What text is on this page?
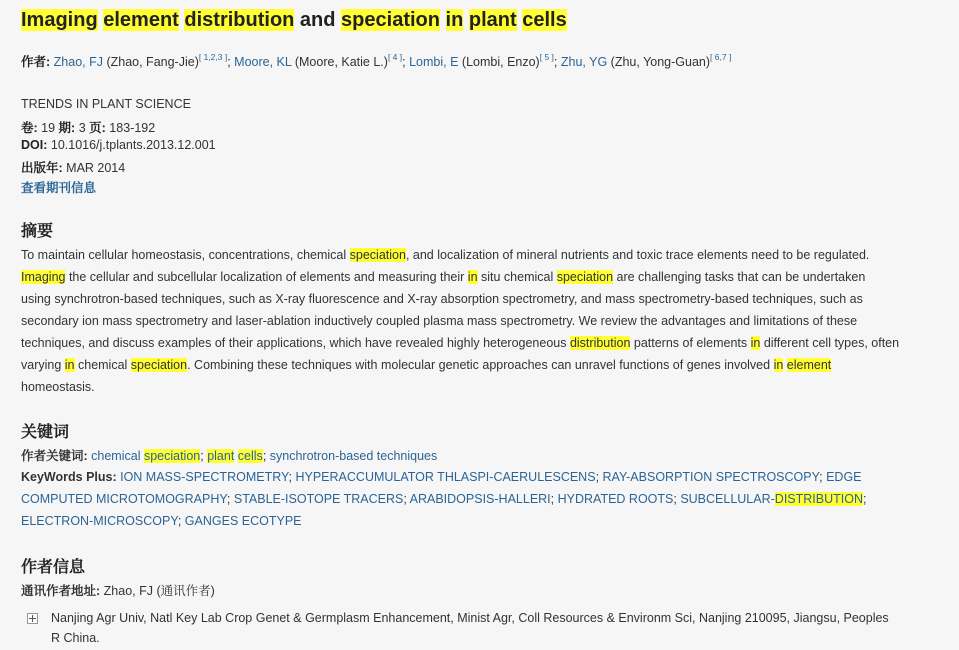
Imaging element distribution and speciation in plant cells
作者: Zhao, FJ (Zhao, Fang-Jie)[ 1,2,3 ]; Moore, KL (Moore, Katie L.)[ 4 ]; Lombi, E (Lombi, Enzo)[ 5 ]; Zhu, YG (Zhu, Yong-Guan)[ 6,7 ]
TRENDS IN PLANT SCIENCE
卷: 19 期: 3 页: 183-192
DOI: 10.1016/j.tplants.2013.12.001
出版年: MAR 2014
查看期刊信息
摘要
To maintain cellular homeostasis, concentrations, chemical speciation, and localization of mineral nutrients and toxic trace elements need to be regulated.
Imaging the cellular and subcellular localization of elements and measuring their in situ chemical speciation are challenging tasks that can be undertaken
using synchrotron-based techniques, such as X-ray fluorescence and X-ray absorption spectrometry, and mass spectrometry-based techniques, such as
secondary ion mass spectrometry and laser-ablation inductively coupled plasma mass spectrometry. We review the advantages and limitations of these
techniques, and discuss examples of their applications, which have revealed highly heterogeneous distribution patterns of elements in different cell types, often
varying in chemical speciation. Combining these techniques with molecular genetic approaches can unravel functions of genes involved in element
homeostasis.
关键词
作者关键词: chemical speciation; plant cells; synchrotron-based techniques
KeyWords Plus: ION MASS-SPECTROMETRY; HYPERACCUMULATOR THLASPI-CAERULESCENS; RAY-ABSORPTION SPECTROSCOPY; EDGE
COMPUTED MICROTOMOGRAPHY; STABLE-ISOTOPE TRACERS; ARABIDOPSIS-HALLERI; HYDRATED ROOTS; SUBCELLULAR-DISTRIBUTION;
ELECTRON-MICROSCOPY; GANGES ECOTYPE
作者信息
通讯作者地址: Zhao, FJ (通讯作者)
Nanjing Agr Univ, Natl Key Lab Crop Genet & Germplasm Enhancement, Minist Agr, Coll Resources & Environm Sci, Nanjing 210095, Jiangsu, Peoples
R China.
